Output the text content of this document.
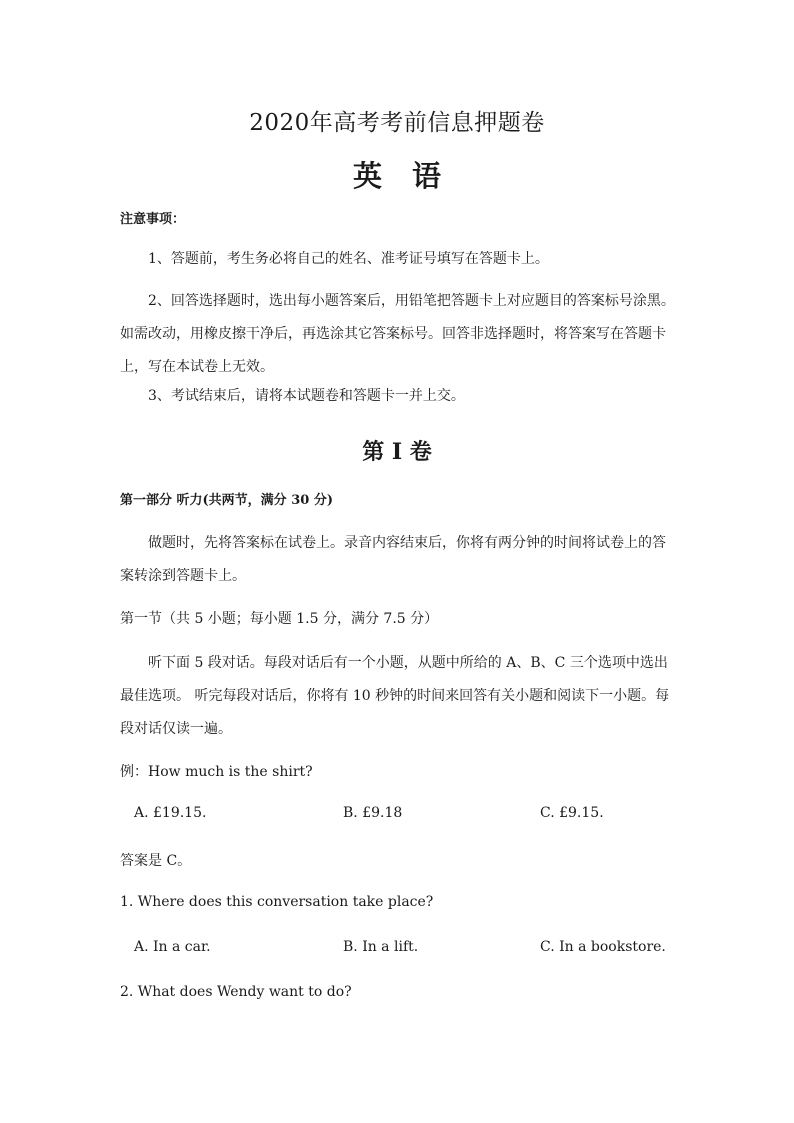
2020年高考考前信息押题卷
英语
注意事项：
1、答题前，考生务必将自己的姓名、准考证号填写在答题卡上。
2、回答选择题时，选出每小题答案后，用铅笔把答题卡上对应题目的答案标号涂黑。如需改动，用橡皮擦干净后，再选涂其它答案标号。回答非选择题时，将答案写在答题卡上，写在本试卷上无效。
3、考试结束后，请将本试题卷和答题卡一并上交。
第 I 卷
第一部分 听力(共两节，满分 30 分)
做题时，先将答案标在试卷上。录音内容结束后，你将有两分钟的时间将试卷上的答案转涂到答题卡上。
第一节（共 5 小题；每小题 1.5 分，满分 7.5 分）
听下面 5 段对话。每段对话后有一个小题，从题中所给的 A、B、C 三个选项中选出最佳选项。 听完每段对话后，你将有 10 秒钟的时间来回答有关小题和阅读下一小题。每段对话仅读一遍。
例：How much is the shirt?
A. £19.15.	B. £9.18	C. £9.15.
答案是 C。
1. Where does this conversation take place?
A. In a car.	B. In a lift.	C. In a bookstore.
2. What does Wendy want to do?
